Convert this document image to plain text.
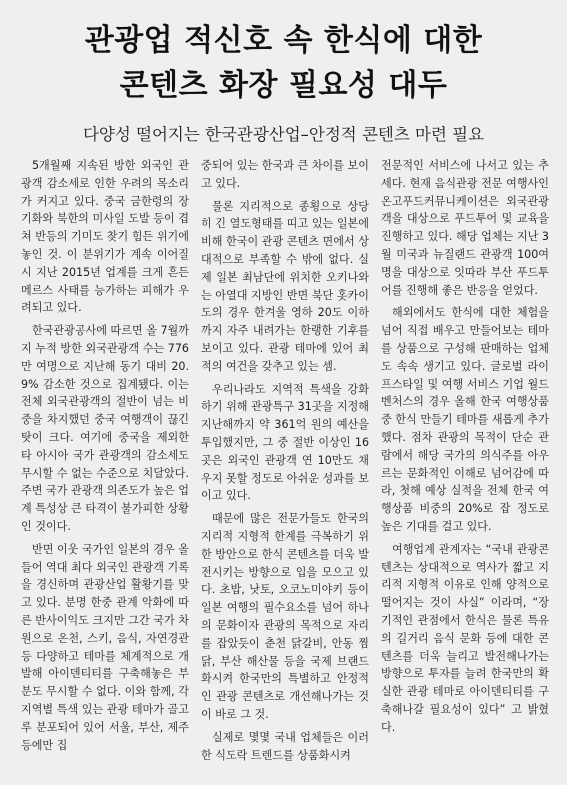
관광업 적신호 속 한식에 대한
콘텐츠 화장 필요성 대두
다양성 떨어지는 한국관광산업–안정적 콘텐츠 마련 필요

5개월째 지속된 방한 외국인 관광객 감소세로 인한 우려의 목소리가 커지고 있다. 중국 금한령의 장기화와 북한의 미사일 도발 등이 겹쳐 반등의 기미도 찾기 힘든 위기에 놓인 것. 이 분위기가 계속 이어질 시 지난 2015년 업계를 크게 흔든 메르스 사태를 능가하는 피해가 우려되고 있다.

한국관광공사에 따르면 올 7월까지 누적 방한 외국관광객 수는 776만 여명으로 지난해 동기 대비 20.9% 감소한 것으로 집계됐다. 이는 전체 외국관광객의 절반이 넘는 비중을 차지했던 중국 여행객이 끊긴 탓이 크다. 여기에 중국을 제외한 타 아시아 국가 관광객의 감소세도 무시할 수 없는 수준으로 치달았다. 주변 국가 관광객 의존도가 높은 업계 특성상 큰 타격이 불가피한 상황인 것이다.

반면 이웃 국가인 일본의 경우 올들어 역대 최다 외국인 관광객 기록을 경신하며 관광산업 활황기를 맞고 있다. 분명 한중 관계 악화에 따른 반사이익도 크지만 그간 국가 차원으로 온천, 스키, 음식, 자연경관 등 다양하고 테마를 체계적으로 개발해 아이덴티티를 구축해놓은 부분도 무시할 수 없다. 이와 함께, 각 지역별 특색 있는 관광 테마가 골고루 분포되어 있어 서울, 부산, 제주 등에만 집

중되어 있는 한국과 큰 차이를 보이고 있다.

물론 지리적으로 종횡으로 상당히 긴 열도형태를 띠고 있는 일본에 비해 한국이 관광 콘텐츠 면에서 상대적으로 부족할 수 밖에 없다. 실제 일본 최남단에 위치한 오키나와는 아열대 지방인 반면 북단 홋카이도의 경우 한겨울 영하 20도 이하까지 자주 내려가는 한랭한 기후를 보이고 있다. 관광 테마에 있어 최적의 여건을 갖추고 있는 셈.

우리나라도 지역적 특색을 강화하기 위해 관광특구 31곳을 지정해 지난해까지 약 361억 원의 예산을 투입했지만, 그 중 절반 이상인 16곳은 외국인 관광객 연 10만도 채우지 못할 정도로 아쉬운 성과를 보이고 있다.

때문에 많은 전문가들도 한국의 지리적 지형적 한계를 극복하기 위한 방안으로 한식 콘텐츠를 더욱 발전시키는 방향으로 입을 모으고 있다. 초밥, 낫토, 오코노미야키 등이 일본 여행의 필수요소를 넘어 하나의 문화이자 관광의 목적으로 자리를 잡았듯이 춘천 닭갈비, 안동 찜닭, 부산 해산물 등을 국제 브랜드화시켜 한국만의 특별하고 안정적인 관광 콘텐츠로 개선해나가는 것이 바로 그 것.

실제로 몇몇 국내 업체들은 이러한 식도락 트렌드를 상품화시켜

전문적인 서비스에 나서고 있는 추세다. 현재 음식관광 전문 여행사인 온고푸드커뮤니케이션은 외국관광객을 대상으로 푸드투어 및 교육을 진행하고 있다. 해당 업체는 지난 3월 미국과 뉴질랜드 관광객 100여 명을 대상으로 잇따라 부산 푸드투어를 진행해 좋은 반응을 얻었다.

해외에서도 한식에 대한 체험을 넘어 직접 배우고 만들어보는 테마를 상품으로 구성해 판매하는 업체도 속속 생기고 있다. 글로벌 라이프스타일 및 여행 서비스 기업 월드벤처스의 경우 올해 한국 여행상품 중 한식 만들기 테마를 새롭게 추가했다. 점차 관광의 목적이 단순 관람에서 해당 국가의 의식주를 아우르는 문화적인 이해로 넘어감에 따라, 첫해 예상 실적을 전체 한국 여행상품 비중의 20%로 잡 정도로 높은 기대를 걸고 있다.

여행업계 관계자는 “국내 관광콘텐츠는 상대적으로 역사가 짧고 지리적 지형적 이유로 인해 양적으로 떨어지는 것이 사실” 이라며, “장기적인 관점에서 한식은 물론 특유의 길거리 음식 문화 등에 대한 콘텐츠를 더욱 늘리고 발전해나가는 방향으로 투자를 늘려 한국만의 확실한 관광 테마로 아이덴티티를 구축해나갈 필요성이 있다” 고 밝혔다.
